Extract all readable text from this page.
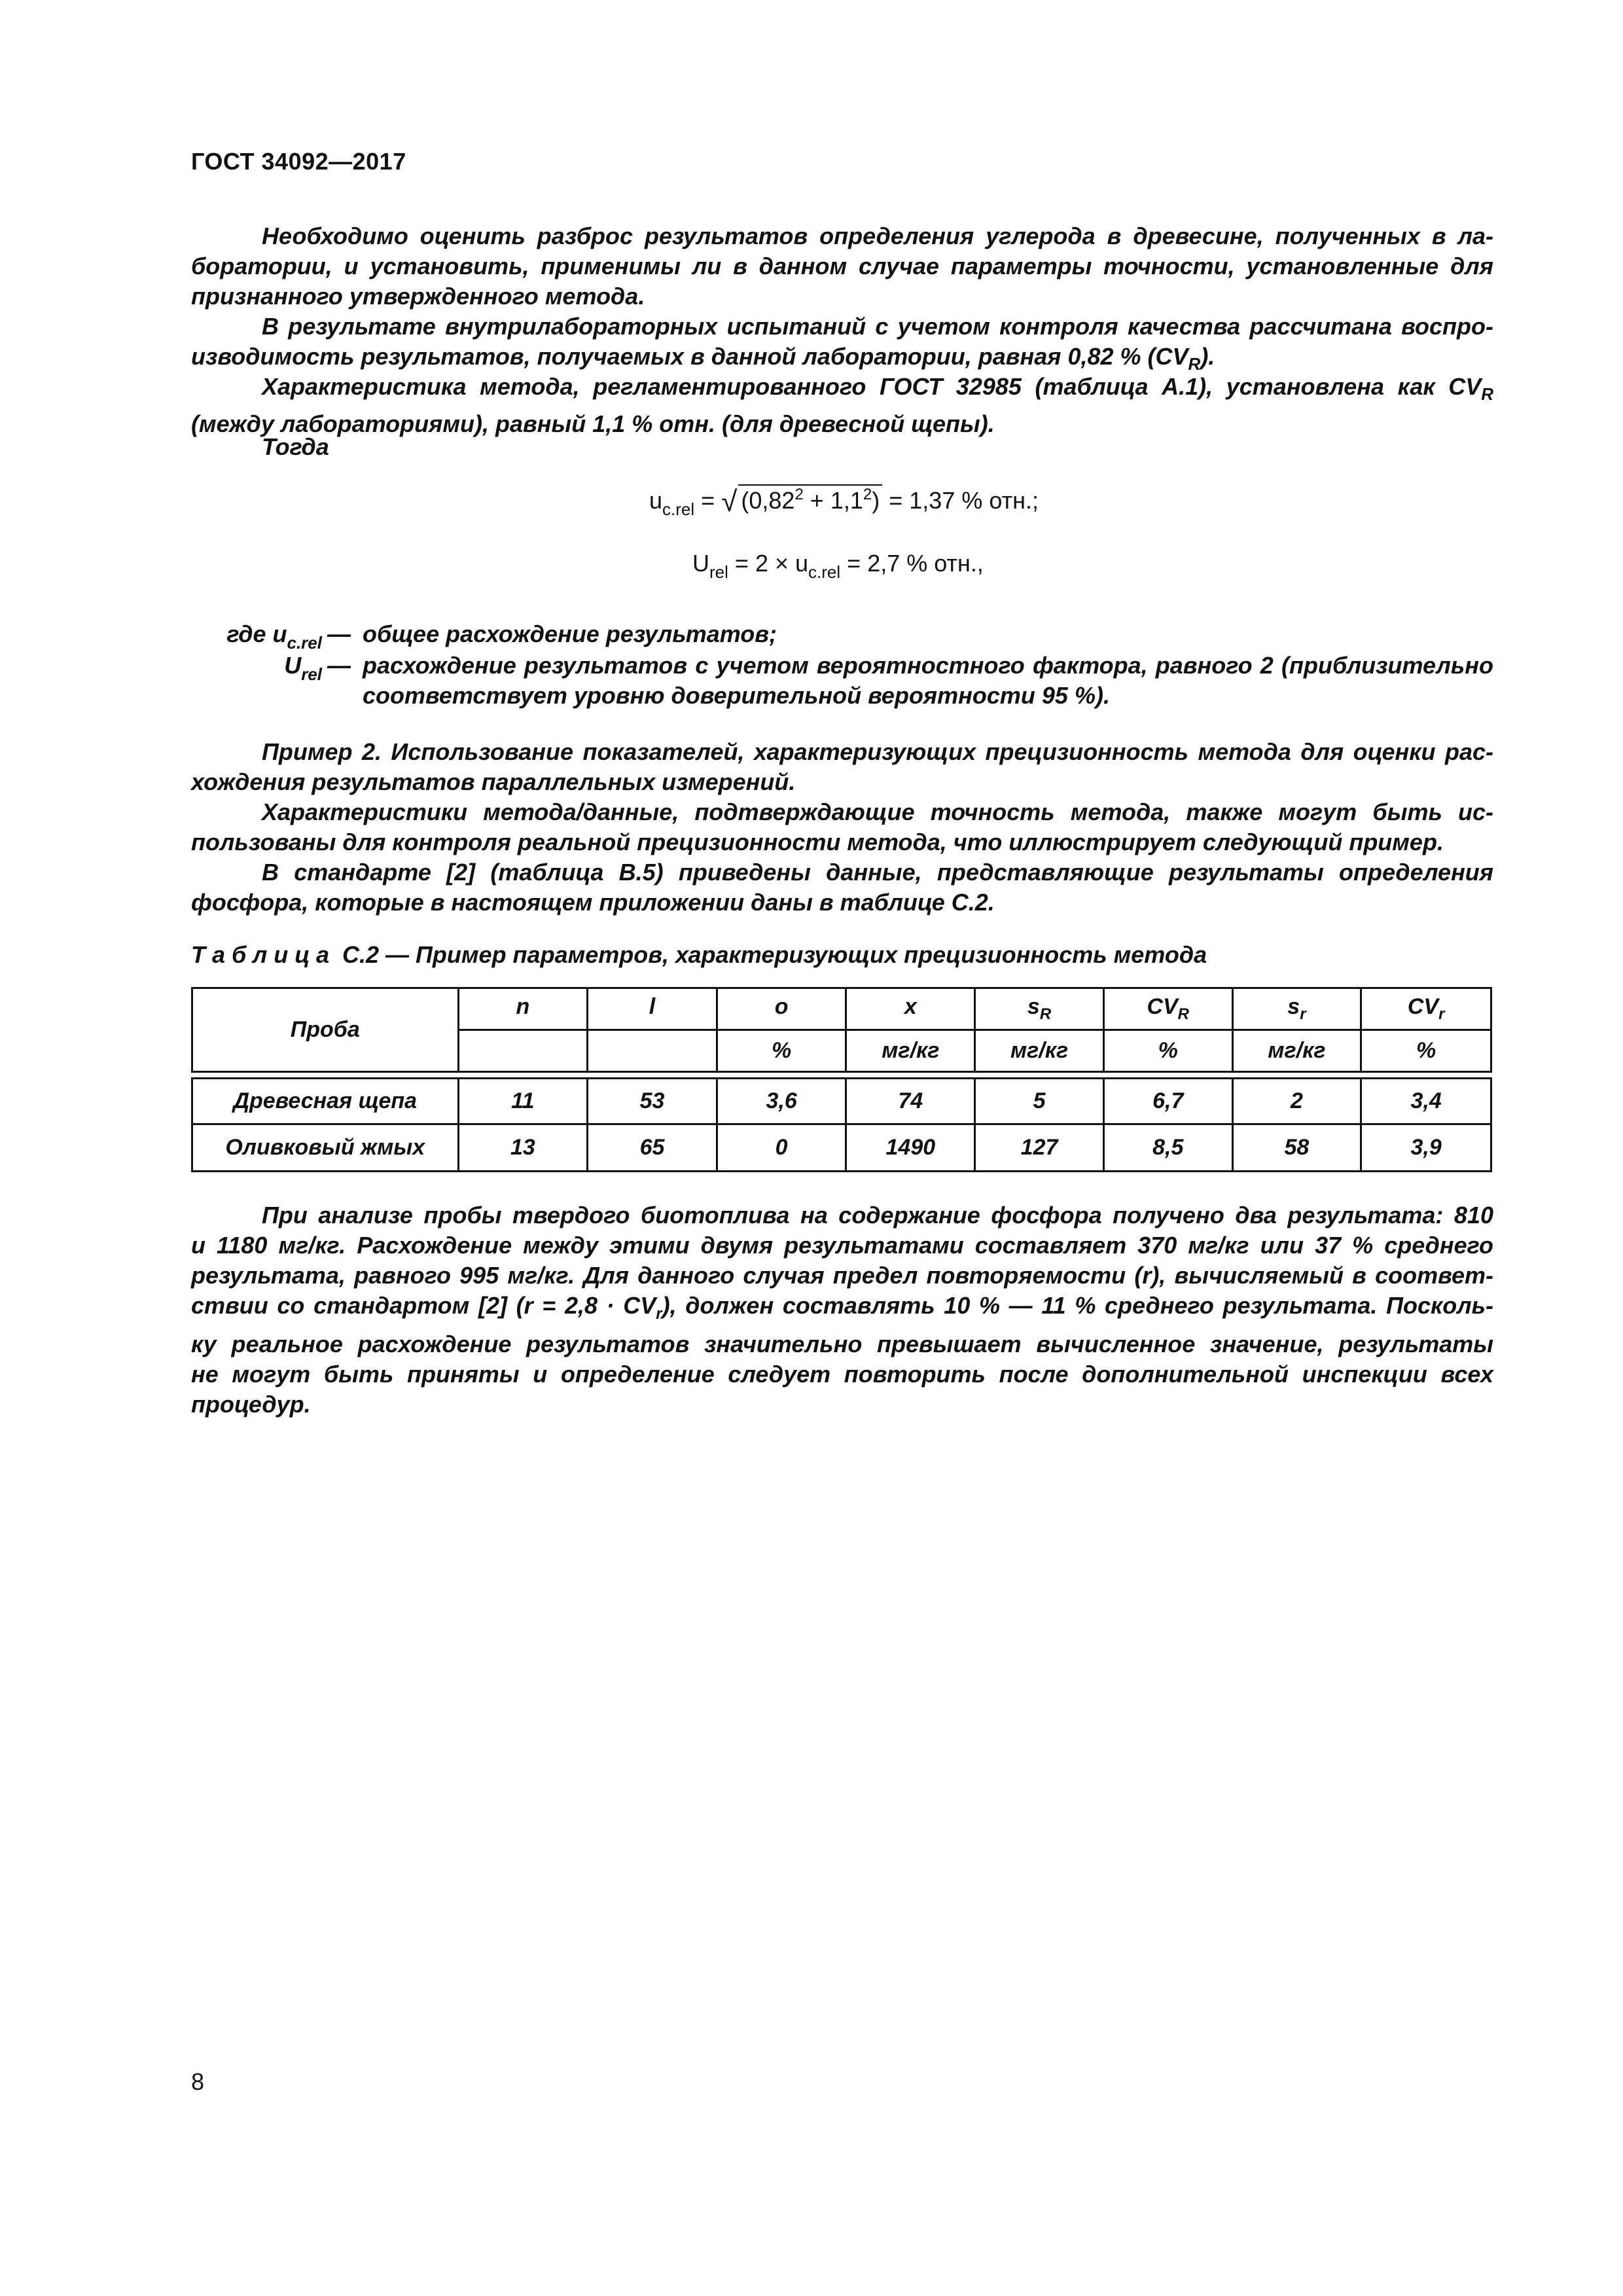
ГОСТ 34092—2017
Необходимо оценить разброс результатов определения углерода в древесине, полученных в ла-
боратории, и установить, применимы ли в данном случае параметры точности, установленные для
признанного утвержденного метода.
В результате внутрилабораторных испытаний с учетом контроля качества рассчитана воспро-
изводимость результатов, получаемых в данной лаборатории, равная 0,82 % $(CV_R)$.
Характеристика метода, регламентированного ГОСТ 32985 (таблица A.1), установлена как $CV_R$
(между лабораториями), равный 1,1 % отн. (для древесной щепы).
Тогда
$u_{c.rel}$ = √ $(0,82^2 + 1,1^2) = 1,37$ % отн.;
$U_{rel} = 2 \times u_{c.rel} = 2,7$ % отн.,
где $u_{c.rel}$ — общее расхождение результатов;
$U_{rel}$ — расхождение результатов с учетом вероятностного фактора, равного 2 (приблизительно соответствует уровню доверительной вероятности 95 %).
Пример 2. Использование показателей, характеризующих прецизионность метода для оценки рас-
хождения результатов параллельных измерений.
Характеристики метода/данные, подтверждающие точность метода, также могут быть ис-
пользованы для контроля реальной прецизионности метода, что иллюстрирует следующий пример.
В стандарте [2] (таблица В.5) приведены данные, представляющие результаты определения
фосфора, которые в настоящем приложении даны в таблице С.2.
Таблица С.2 — Пример параметров, характеризующих прецизионность метода
Проба	n	l	o	x	$s_R$	$CV_R$	$s_r$	$CV_r$
			%	мг/кг	мг/кг	%	мг/кг	%

Древесная щепа	11	53	3,6	74	5	6,7	2	3,4
Оливковый жмых	13	65	0	1490	127	8,5	58	3,9
При анализе пробы твердого биотоплива на содержание фосфора получено два результата: 810
и 1180 мг/кг. Расхождение между этими двумя результатами составляет 370 мг/кг или 37 % среднего
результата, равного 995 мг/кг. Для данного случая предел повторяемости (r), вычисляемый в соответ-
ствии со стандартом [2] $(r = 2,8 \cdot CV_r)$, должен составлять 10 % — 11 % среднего результата. Посколь-
ку реальное расхождение результатов значительно превышает вычисленное значение, результаты
не могут быть приняты и определение следует повторить после дополнительной инспекции всех
процедур.
8
